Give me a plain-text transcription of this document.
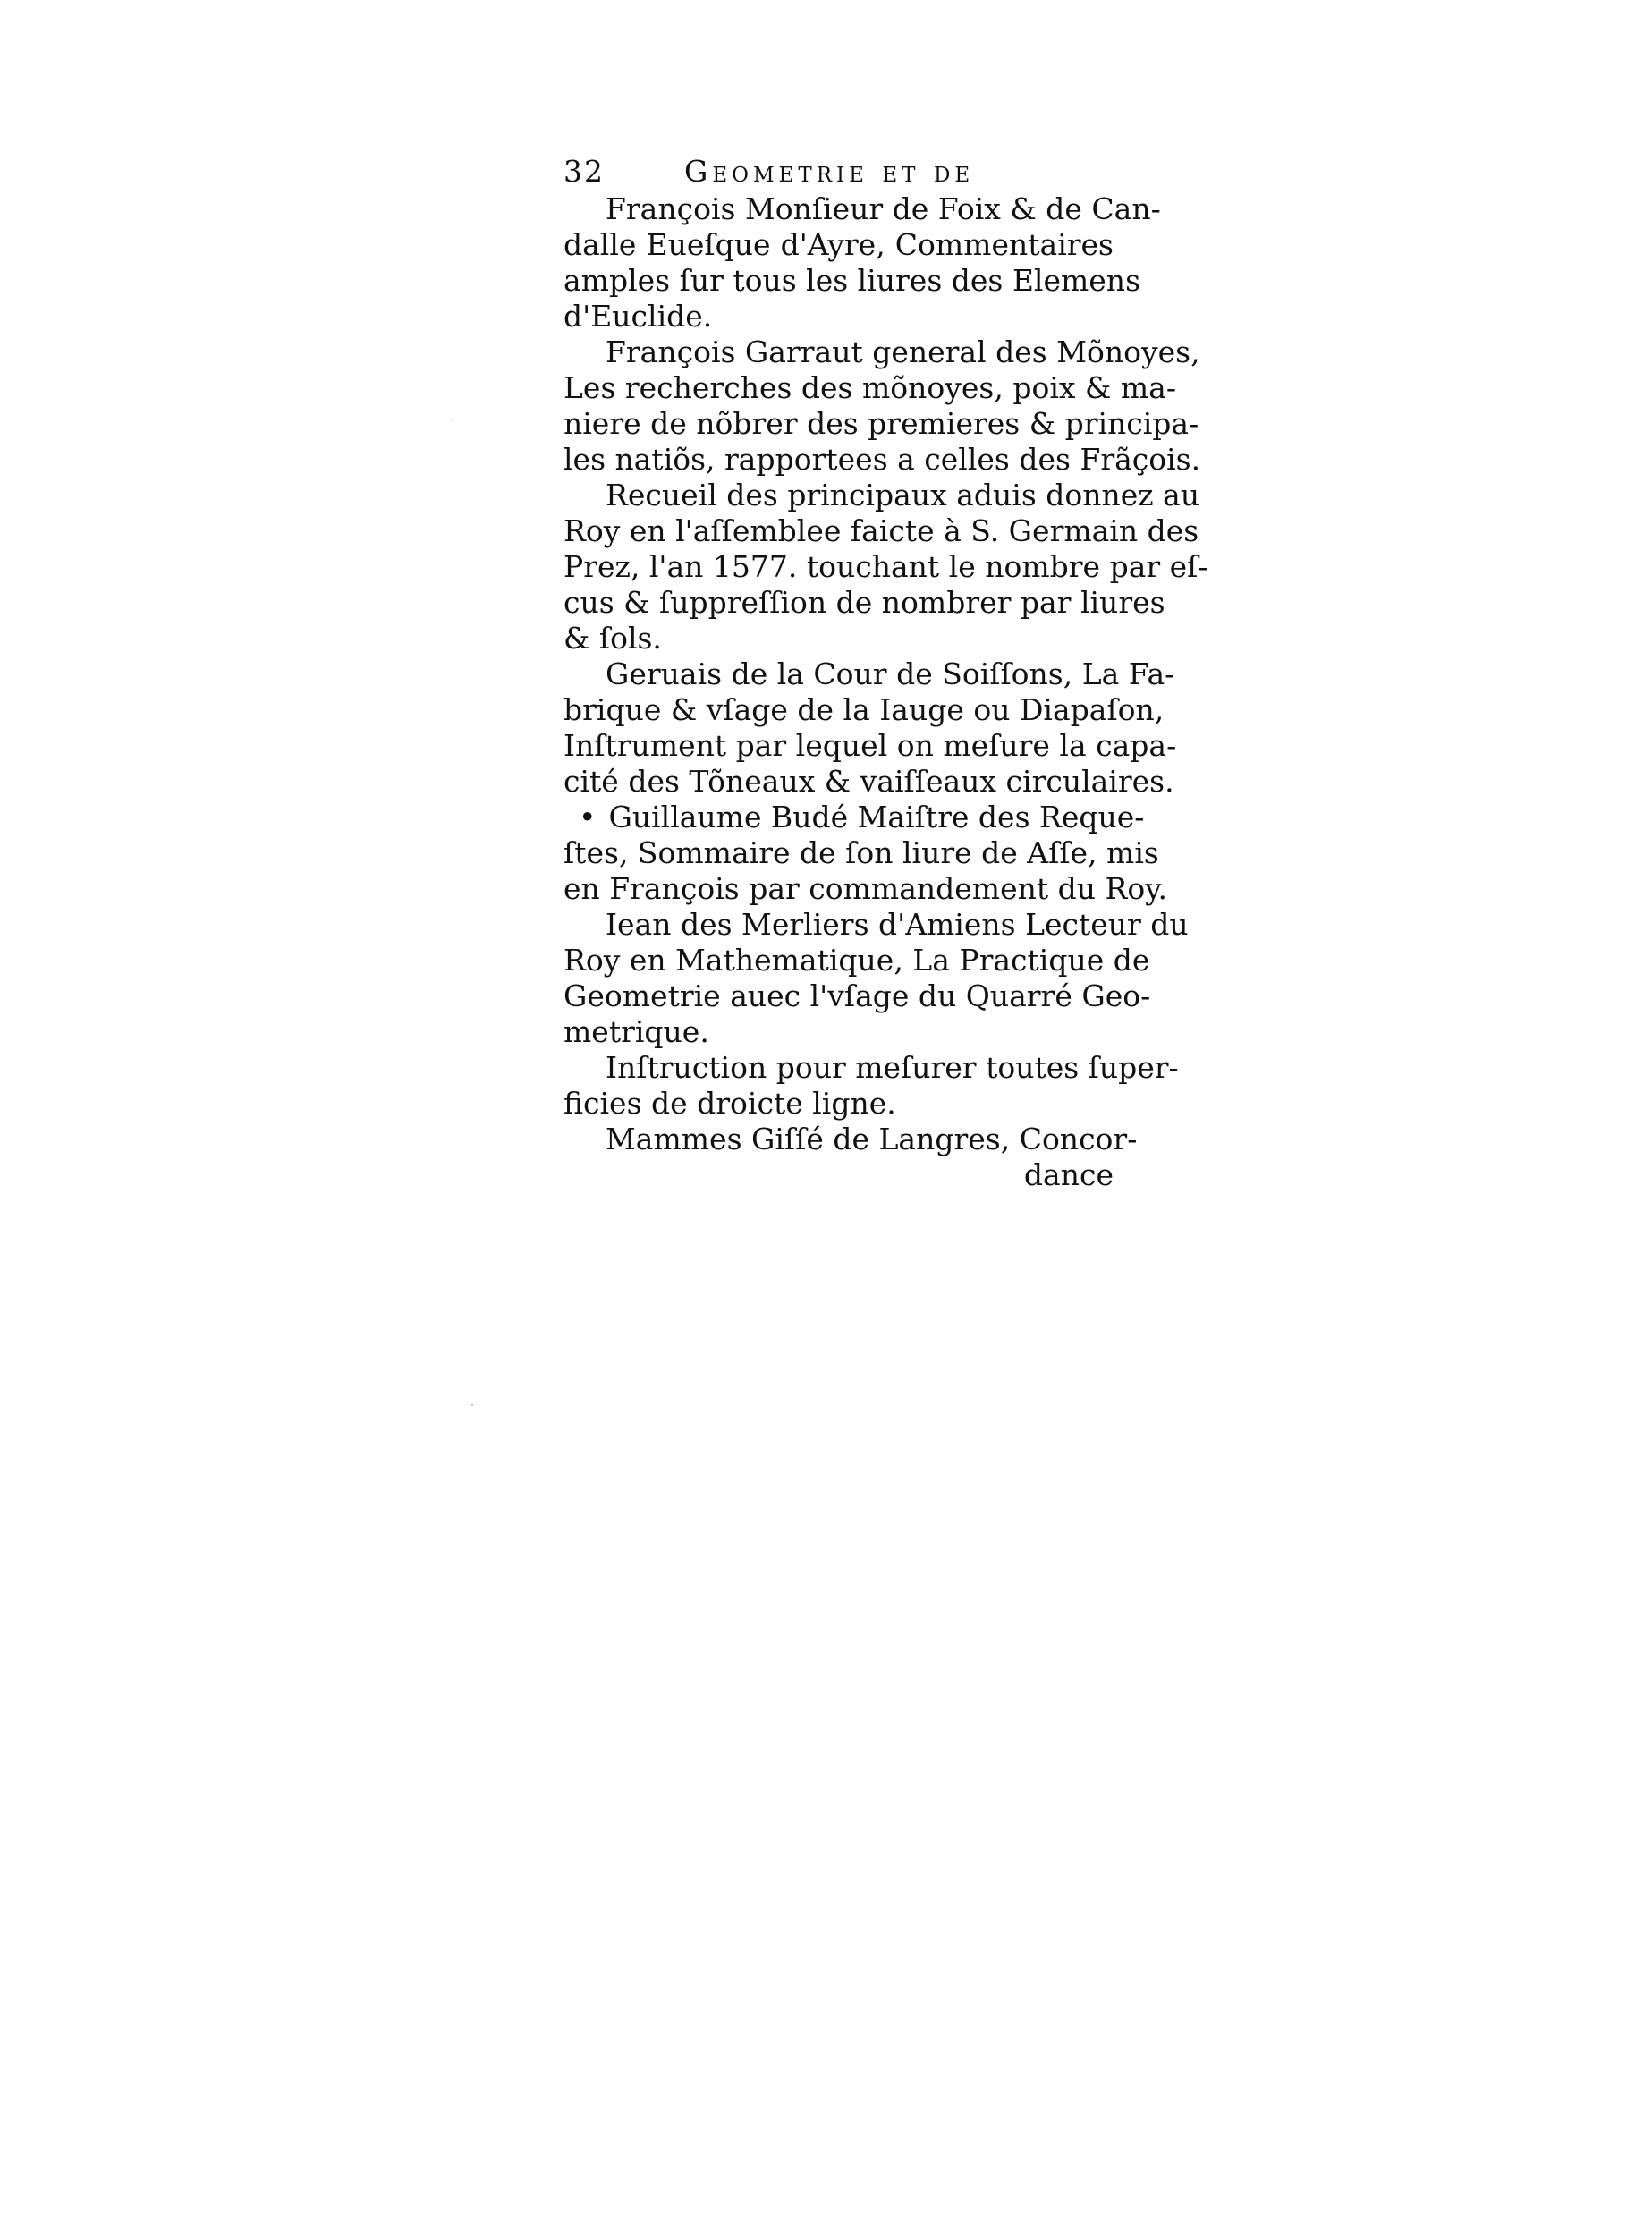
32	Geometrie et de
François Monſieur de Foix & de Can-
dalle Eueſque d'Ayre, Commentaires
amples ſur tous les liures des Elemens
d'Euclide.
François Garraut general des Mõnoyes,
Les recherches des mõnoyes, poix & ma-
niere de nõbrer des premieres & principa-
les natiõs, rapportees a celles des Frãçois.
Recueil des principaux aduis donnez au
Roy en l'aſſemblee faicte à S. Germain des
Prez, l'an 1577. touchant le nombre par eſ-
cus & ſuppreſſion de nombrer par liures
& ſols.
Geruais de la Cour de Soiſſons, La Fa-
brique & vſage de la Iauge ou Diapaſon,
Inſtrument par lequel on meſure la capa-
cité des Tõneaux & vaiſſeaux circulaires.
• Guillaume Budé Maiſtre des Reque-
ſtes, Sommaire de ſon liure de Aſſe, mis
en François par commandement du Roy.
Iean des Merliers d'Amiens Lecteur du
Roy en Mathematique, La Practique de
Geometrie auec l'vſage du Quarré Geo-
metrique.
Inſtruction pour meſurer toutes ſuper-
ficies de droicte ligne.
Mammes Giſſé de Langres, Concor-
dance
